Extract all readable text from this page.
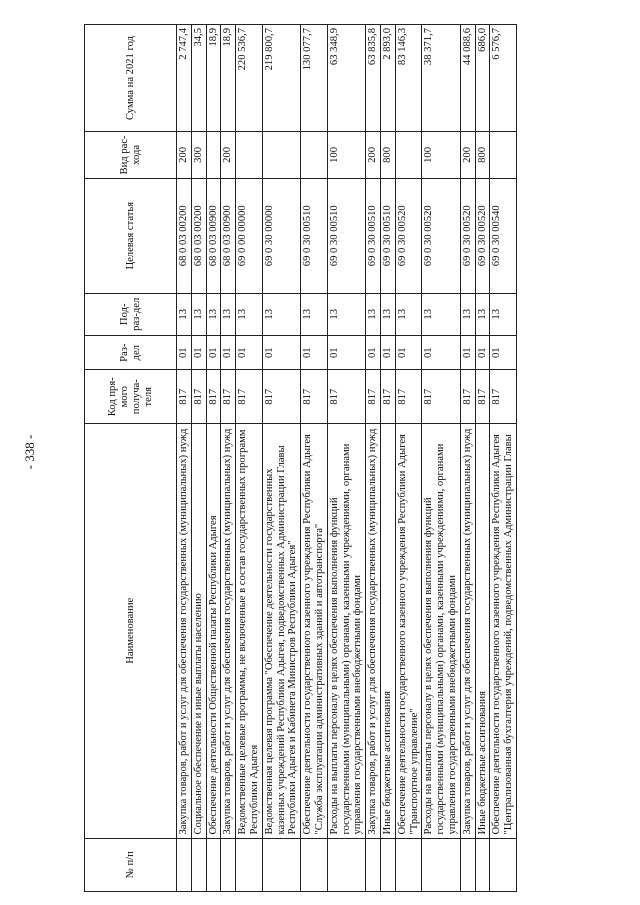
- 338 -
№ п/п	Наименование	Код пря-мого получа-теля	Раз-дел	Под-раз-дел	Целевая статья	Вид рас-хода	Сумма на 2021 год
	Закупка товаров, работ и услуг для обеспечения государственных (муниципальных) нужд	817	01	13	68 0 03 00200	200	2 747,4
	Социальное обеспечение и иные выплаты населению	817	01	13	68 0 03 00200	300	34,5
	Обеспечение деятельности Общественной палаты Республики Адыгея	817	01	13	68 0 03 00900		18,9
	Закупка товаров, работ и услуг для обеспечения государственных (муниципальных) нужд	817	01	13	68 0 03 00900	200	18,9
	Ведомственные целевые программы, не включенные в состав государственных программ Республики Адыгея	817	01	13	69 0 00 00000		220 536,7
	Ведомственная целевая программа "Обеспечение деятельности государственных казенных учреждений Республики Адыгея, подведомственных Администрации Главы Республики Адыгея и Кабинета Министров Республики Адыгея"	817	01	13	69 0 30 00000		219 800,7
	Обеспечение деятельности государственного казенного учреждения Республики Адыгея "Служба эксплуатации административных зданий и автотранспорта"	817	01	13	69 0 30 00510		130 077,7
	Расходы на выплаты персоналу в целях обеспечения выполнения функций государственными (муниципальными) органами, казенными учреждениями, органами управления государственными внебюджетными фондами	817	01	13	69 0 30 00510	100	63 348,9
	Закупка товаров, работ и услуг для обеспечения государственных (муниципальных) нужд	817	01	13	69 0 30 00510	200	63 835,8
	Иные бюджетные ассигнования	817	01	13	69 0 30 00510	800	2 893,0
	Обеспечение деятельности государственного казенного учреждения Республики Адыгея "Транспортное управление"	817	01	13	69 0 30 00520		83 146,3
	Расходы на выплаты персоналу в целях обеспечения выполнения функций государственными (муниципальными) органами, казенными учреждениями, органами управления государственными внебюджетными фондами	817	01	13	69 0 30 00520	100	38 371,7
	Закупка товаров, работ и услуг для обеспечения государственных (муниципальных) нужд	817	01	13	69 0 30 00520	200	44 088,6
	Иные бюджетные ассигнования	817	01	13	69 0 30 00520	800	686,0
	Обеспечение деятельности государственного казенного учреждения Республики Адыгея "Централизованная бухгалтерия учреждений, подведомственных Администрации Главы	817	01	13	69 0 30 00540		6 576,7
